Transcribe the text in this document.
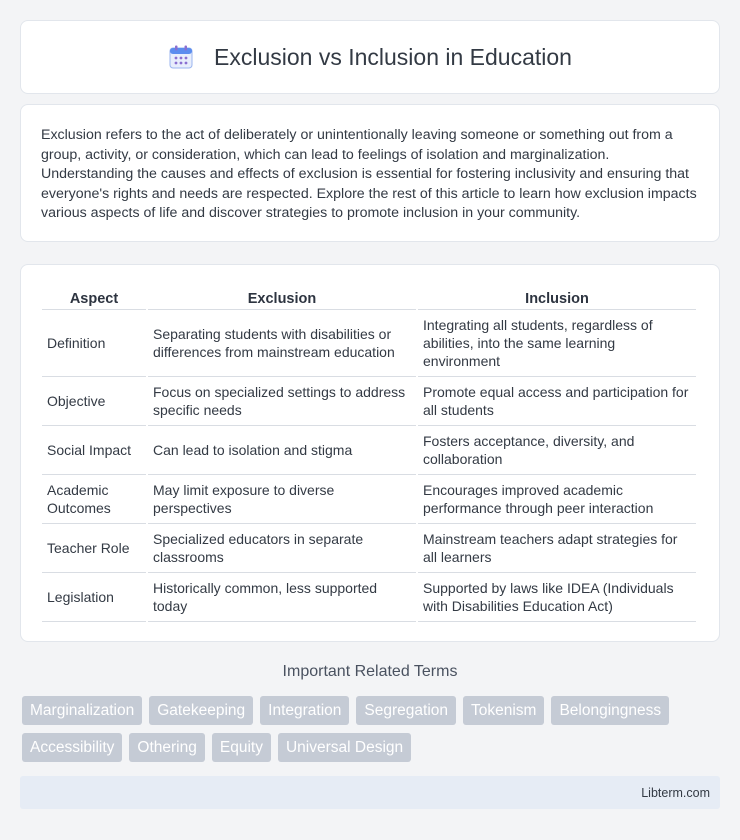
Exclusion vs Inclusion in Education

Exclusion refers to the act of deliberately or unintentionally leaving someone or something out from a group, activity, or consideration, which can lead to feelings of isolation and marginalization. Understanding the causes and effects of exclusion is essential for fostering inclusivity and ensuring that everyone's rights and needs are respected. Explore the rest of this article to learn how exclusion impacts various aspects of life and discover strategies to promote inclusion in your community.

Aspect	Exclusion	Inclusion
Definition	Separating students with disabilities or differences from mainstream education	Integrating all students, regardless of abilities, into the same learning environment
Objective	Focus on specialized settings to address specific needs	Promote equal access and participation for all students
Social Impact	Can lead to isolation and stigma	Fosters acceptance, diversity, and collaboration
Academic Outcomes	May limit exposure to diverse perspectives	Encourages improved academic performance through peer interaction
Teacher Role	Specialized educators in separate classrooms	Mainstream teachers adapt strategies for all learners
Legislation	Historically common, less supported today	Supported by laws like IDEA (Individuals with Disabilities Education Act)
Important Related Terms
Marginalization	Gatekeeping	Integration	Segregation	Tokenism	Belongingness
Accessibility	Othering	Equity	Universal Design
Libterm.com
